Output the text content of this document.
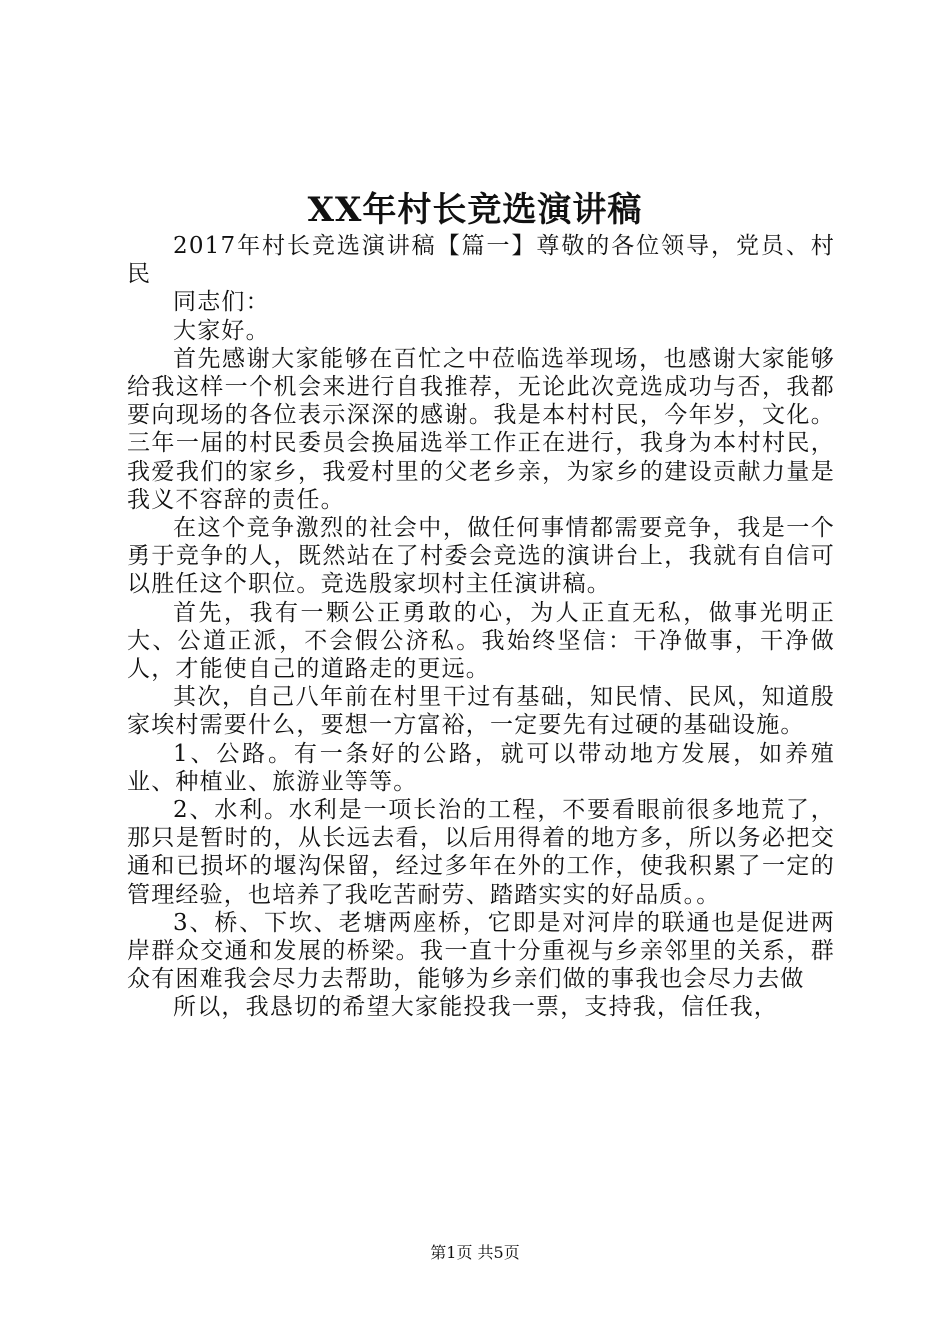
XX年村长竞选演讲稿

2017年村长竞选演讲稿【篇一】尊敬的各位领导，党员、村民

同志们：

大家好。

首先感谢大家能够在百忙之中莅临选举现场，也感谢大家能够给我这样一个机会来进行自我推荐，无论此次竞选成功与否，我都要向现场的各位表示深深的感谢。我是本村村民，今年岁，文化。三年一届的村民委员会换届选举工作正在进行，我身为本村村民，我爱我们的家乡，我爱村里的父老乡亲，为家乡的建设贡献力量是我义不容辞的责任。

在这个竞争激烈的社会中，做任何事情都需要竞争，我是一个勇于竞争的人，既然站在了村委会竞选的演讲台上，我就有自信可以胜任这个职位。竞选殷家坝村主任演讲稿。

首先，我有一颗公正勇敢的心，为人正直无私，做事光明正大、公道正派，不会假公济私。我始终坚信：干净做事，干净做人，才能使自己的道路走的更远。

其次，自己八年前在村里干过有基础，知民情、民风，知道殷家埃村需要什么，要想一方富裕，一定要先有过硬的基础设施。

1、公路。有一条好的公路，就可以带动地方发展，如养殖业、种植业、旅游业等等。

2、水利。水利是一项长治的工程，不要看眼前很多地荒了，那只是暂时的，从长远去看，以后用得着的地方多，所以务必把交通和已损坏的堰沟保留，经过多年在外的工作，使我积累了一定的管理经验，也培养了我吃苦耐劳、踏踏实实的好品质。。

3、桥、下坎、老塘两座桥，它即是对河岸的联通也是促进两岸群众交通和发展的桥梁。我一直十分重视与乡亲邻里的关系，群众有困难我会尽力去帮助，能够为乡亲们做的事我也会尽力去做

所以，我恳切的希望大家能投我一票，支持我，信任我，

第1页 共5页
